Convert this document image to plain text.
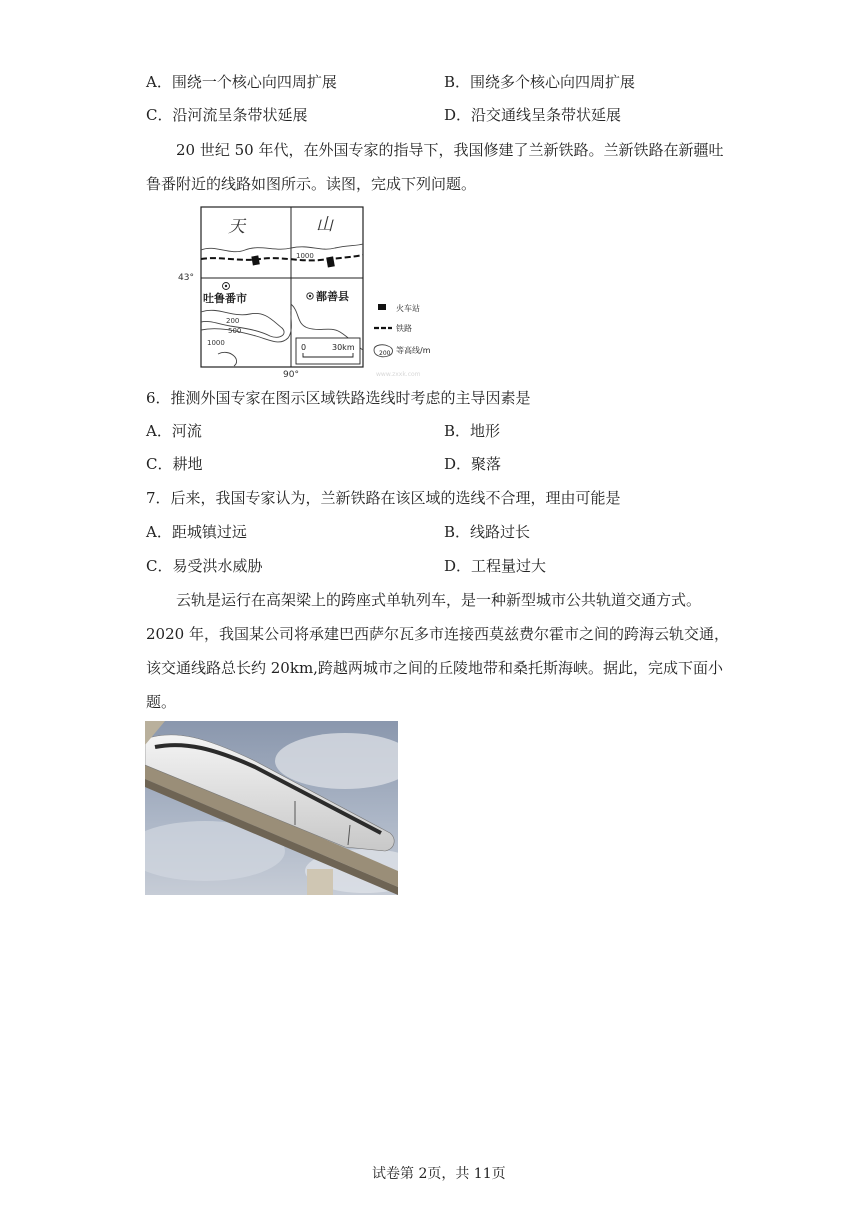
A．围绕一个核心向四周扩展	B．围绕多个核心向四周扩展
C．沿河流呈条带状延展	D．沿交通线呈条带状延展
20 世纪 50 年代，在外国专家的指导下，我国修建了兰新铁路。兰新铁路在新疆吐
鲁番附近的线路如图所示。读图，完成下列问题。
天	山
1000
43°
90°
吐鲁番市	鄯善县
200
500
1000	0	30km
火车站
铁路
200 等高线/m
www.zxxk.com
6．推测外国专家在图示区域铁路选线时考虑的主导因素是
A．河流	B．地形
C．耕地	D．聚落
7．后来，我国专家认为，兰新铁路在该区域的选线不合理，理由可能是
A．距城镇过远	B．线路过长
C．易受洪水威胁	D．工程量过大
云轨是运行在高架梁上的跨座式单轨列车，是一种新型城市公共轨道交通方式。
2020 年，我国某公司将承建巴西萨尔瓦多市连接西莫兹费尔霍市之间的跨海云轨交通，
该交通线路总长约 20km,跨越两城市之间的丘陵地带和桑托斯海峡。据此，完成下面小
题。
试卷第 2页，共 11页
